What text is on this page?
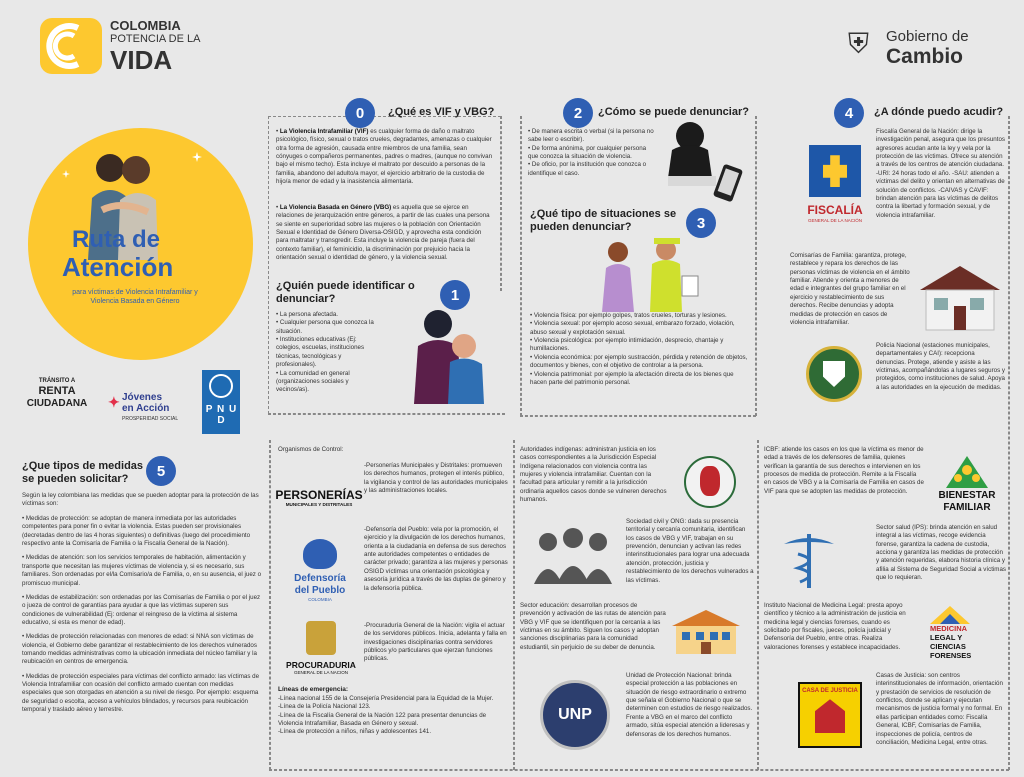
COLOMBIA
POTENCIA DE LA
VIDA
⛨ Gobierno de
Cambio
Ruta de
Atención
para víctimas de Violencia Intrafamiliar y Violencia Basada en Género
TRÁNSITO A
RENTA
CIUDADANA	✦ Jóvenes
en Acción
PROSPERIDAD SOCIAL
P N U D
0	¿Qué es VIF y VBG?
• La Violencia Intrafamiliar (VIF) es cualquier forma de daño o maltrato psicológico, físico, sexual o tratos crueles, degradantes, amenazas o cualquier otra forma de agresión, causada entre miembros de una familia, sean cónyuges o compañeros permanentes, padres o madres, (aunque no convivan bajo el mismo techo). Esta incluye el maltrato por descuido a personas de la familia, abandono del adulto/a mayor, el ejercicio arbitrario de la custodia de hijo/a menor de edad y la inasistencia alimentaria.
• La Violencia Basada en Género (VBG) es aquella que se ejerce en relaciones de jerarquización entre géneros, a partir de las cuales una persona se siente en superioridad sobre las mujeres o la población con Orientación Sexual e Identidad de Género Diversa-OSIGD, y aprovecha esta condición para maltratar y transgredir. Esta incluye la violencia de pareja (fuera del contexto familiar), el feminicidio, la discriminación por prejuicio hacia la orientación sexual o identidad de género, y la violencia sexual.
1
¿Quién puede identificar o denunciar?
• La persona afectada.
• Cualquier persona que conozca la situación.
• Instituciones educativas (Ej: colegios, escuelas, instituciones técnicas, tecnológicas y profesionales).
• La comunidad en general (organizaciones sociales y vecinos/as).
2	¿Cómo se puede denunciar?
• De manera escrita o verbal (si la persona no sabe leer o escribir).
• De forma anónima, por cualquier persona que conozca la situación de violencia.
• De oficio, por la institución que conozca o identifique el caso.
¿Qué tipo de situaciones se pueden denunciar?	3
• Violencia física: por ejemplo golpes, tratos crueles, torturas y lesiones.
• Violencia sexual: por ejemplo acoso sexual, embarazo forzado, violación, abuso sexual y explotación sexual.
• Violencia psicológica: por ejemplo intimidación, desprecio, chantaje y humillaciones.
• Violencia económica: por ejemplo sustracción, pérdida y retención de objetos, documentos y bienes, con el objetivo de controlar a la persona.
• Violencia patrimonial: por ejemplo la afectación directa de los bienes que hacen parte del patrimonio personal.
4	¿A dónde puedo acudir?
FISCALÍA
GENERAL DE LA NACIÓN
Fiscalía General de la Nación: dirige la investigación penal, asegura que los presuntos agresores acudan ante la ley y vela por la protección de las víctimas. Ofrece su atención a través de los centros de atención ciudadana. -URI: 24 horas todo el año. -SAU: atienden a víctimas del delito y orientan en alternativas de solución de conflictos. -CAIVAS y CAVIF: brindan atención para las víctimas de delitos contra la libertad y formación sexual, y de violencia intrafamiliar.
Comisarías de Familia: garantiza, protege, restablece y repara los derechos de las personas víctimas de violencia en el ámbito familiar. Atiende y orienta a menores de edad e integrantes del grupo familiar en el ejercicio y restablecimiento de sus derechos. Recibe denuncias y adopta medidas de protección en casos de violencia intrafamiliar.
Policía Nacional (estaciones municipales, departamentales y CAI): recepciona denuncias. Protege, atiende y asiste a las víctimas, acompañándolas a lugares seguros y protegidos, como instituciones de salud. Apoya a las autoridades en la ejecución de medidas.
5
¿Que tipos de medidas se pueden solicitar?
Según la ley colombiana las medidas que se pueden adoptar para la protección de las víctimas son:
• Medidas de protección: se adoptan de manera inmediata por las autoridades competentes para poner fin o evitar la violencia. Estas pueden ser provisionales (decretadas dentro de las 4 horas siguientes) o definitivas (luego del procedimiento respectivo ante la Comisaría de Familia o la Fiscalía General de la Nación).
• Medidas de atención: son los servicios temporales de habitación, alimentación y transporte que necesitan las mujeres víctimas de violencia y, si es necesario, sus familiares. Son ordenadas por el/la Comisario/a de Familia, o, en su ausencia, el juez o promiscuo municipal.
• Medidas de estabilización: son ordenadas por las Comisarías de Familia o por el juez o jueza de control de garantías para ayudar a que las víctimas superen sus condiciones de vulnerabilidad (Ej: ordenar el reingreso de la víctima al sistema educativo, si esta es menor de edad).
• Medidas de protección relacionadas con menores de edad: si NNA son víctimas de violencia, el Gobierno debe garantizar el restablecimiento de los derechos vulnerados tomando medidas administrativas como la ubicación inmediata del núcleo familiar y la reubicación en centros de emergencia.
• Medidas de protección especiales para víctimas del conflicto armado: las víctimas de Violencia Intrafamiliar con ocasión del conflicto armado cuentan con medidas especiales que son otorgadas en atención a su nivel de riesgo. Por ejemplo: esquema de seguridad o escolta, acceso a vehículos blindados, y recursos para reubicación temporal y traslado aéreo y terrestre.
Organismos de Control:
PERSONERÍAS
MUNICIPALES Y DISTRITALES
-Personerías Municipales y Distritales: promueven los derechos humanos, protegen el interés público, la vigilancia y control de las autoridades municipales y las administraciones locales.
Defensoría
del Pueblo
COLOMBIA
-Defensoría del Pueblo: vela por la promoción, el ejercicio y la divulgación de los derechos humanos, orienta a la ciudadanía en defensa de sus derechos ante autoridades competentes o entidades de carácter privado; garantiza a las mujeres y personas OSIGD víctimas una orientación psicológica y asesoría jurídica a través de las duplas de género y la defensoría pública.
PROCURADURIA
GENERAL DE LA NACION
-Procuraduría General de la Nación: vigila el actuar de los servidores públicos. Inicia, adelanta y falla en investigaciones disciplinarias contra servidores públicos y/o particulares que ejerzan funciones públicas.
Líneas de emergencia:
-Línea nacional 155 de la Consejería Presidencial para la Equidad de la Mujer.
-Línea de la Policía Nacional 123.
-Línea de la Fiscalía General de la Nación 122 para presentar denuncias de Violencia Intrafamiliar, Basada en Género y sexual.
-Línea de protección a niños, niñas y adolescentes 141.
Autoridades indígenas: administran justicia en los casos correspondientes a la Jurisdicción Especial Indígena relacionados con violencia contra las mujeres y violencia intrafamiliar. Cuentan con la facultad para articular y remitir a la jurisdicción ordinaria aquellos casos donde se vulneren derechos humanos.
Sociedad civil y ONG: dada su presencia territorial y cercanía comunitaria, identifican los casos de VBG y VIF, trabajan en su prevención, denuncian y activan las redes interinstitucionales para lograr una adecuada atención, protección, justicia y restablecimiento de los derechos vulnerados a las víctimas.
Sector educación: desarrollan procesos de prevención y activación de las rutas de atención para VBG y VIF que se identifiquen por la cercanía a las víctimas en su ámbito. Siguen los casos y adoptan sanciones disciplinarias para la comunidad estudiantil, sin perjuicio de su deber de denuncia.
UNP
Unidad de Protección Nacional: brinda especial protección a las poblaciones en situación de riesgo extraordinario o extremo que señala el Gobierno Nacional o que se determinen con estudios de riesgo realizados. Frente a VBG en el marco del conflicto armado, sitúa especial atención a lideresas y defensoras de los derechos humanos.
ICBF: atiende los casos en los que la víctima es menor de edad a través de los defensores de familia, quienes verifican la garantía de sus derechos e intervienen en los procesos de medida de protección. Remite a la Fiscalía en casos de VBG y a la Comisaría de Familia en casos de VIF para que se adopten las medidas de protección.	BIENESTAR
FAMILIAR
Sector salud (IPS): brinda atención en salud integral a las víctimas, recoge evidencia forense, garantiza la cadena de custodia, acciona y garantiza las medidas de protección y atención requeridas, elabora historia clínica y afilia al Sistema de Seguridad Social a víctimas que lo requieran.
Instituto Nacional de Medicina Legal: presta apoyo científico y técnico a la administración de justicia en medicina legal y ciencias forenses, cuando es solicitado por fiscales, jueces, policía judicial y Defensoría del Pueblo, entre otras. Realiza valoraciones forenses y establece incapacidades.
MEDICINA
LEGAL Y
CIENCIAS
FORENSES
CASA DE JUSTICIA
Casas de Justicia: son centros interinstitucionales de información, orientación y prestación de servicios de resolución de conflictos, donde se aplican y ejecutan mecanismos de justicia formal y no formal. En ellas participan entidades como: Fiscalía General, ICBF, Comisarías de Familia, inspecciones de policía, centros de conciliación, Medicina Legal, entre otras.
